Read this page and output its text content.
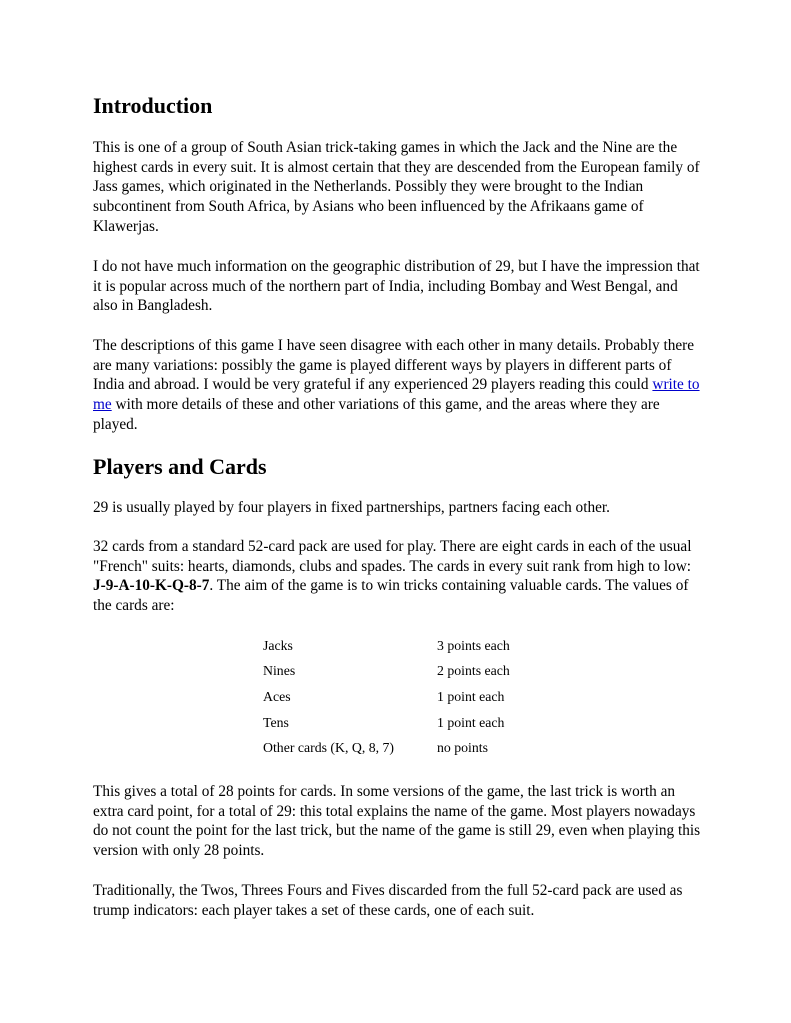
Introduction

This is one of a group of South Asian trick-taking games in which the Jack and the Nine are the highest cards in every suit. It is almost certain that they are descended from the European family of Jass games, which originated in the Netherlands. Possibly they were brought to the Indian subcontinent from South Africa, by Asians who been influenced by the Afrikaans game of Klawerjas.

I do not have much information on the geographic distribution of 29, but I have the impression that it is popular across much of the northern part of India, including Bombay and West Bengal, and also in Bangladesh.

The descriptions of this game I have seen disagree with each other in many details. Probably there are many variations: possibly the game is played different ways by players in different parts of India and abroad. I would be very grateful if any experienced 29 players reading this could write to me with more details of these and other variations of this game, and the areas where they are played.

Players and Cards

29 is usually played by four players in fixed partnerships, partners facing each other.

32 cards from a standard 52-card pack are used for play. There are eight cards in each of the usual "French" suits: hearts, diamonds, clubs and spades. The cards in every suit rank from high to low: J-9-A-10-K-Q-8-7. The aim of the game is to win tricks containing valuable cards. The values of the cards are:

Jacks	3 points each
Nines	2 points each
Aces	1 point each
Tens	1 point each
Other cards (K, Q, 8, 7)	no points

This gives a total of 28 points for cards. In some versions of the game, the last trick is worth an extra card point, for a total of 29: this total explains the name of the game. Most players nowadays do not count the point for the last trick, but the name of the game is still 29, even when playing this version with only 28 points.

Traditionally, the Twos, Threes Fours and Fives discarded from the full 52-card pack are used as trump indicators: each player takes a set of these cards, one of each suit.
